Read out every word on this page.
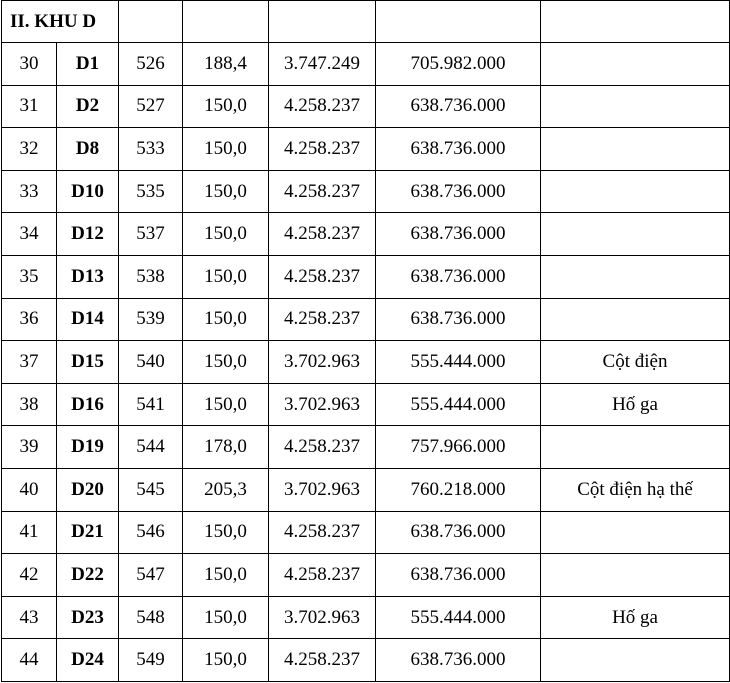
II. KHU D						
30	D1	526	188,4	3.747.249	705.982.000	
31	D2	527	150,0	4.258.237	638.736.000	
32	D8	533	150,0	4.258.237	638.736.000	
33	D10	535	150,0	4.258.237	638.736.000	
34	D12	537	150,0	4.258.237	638.736.000	
35	D13	538	150,0	4.258.237	638.736.000	
36	D14	539	150,0	4.258.237	638.736.000	
37	D15	540	150,0	3.702.963	555.444.000	Cột điện
38	D16	541	150,0	3.702.963	555.444.000	Hố ga
39	D19	544	178,0	4.258.237	757.966.000	
40	D20	545	205,3	3.702.963	760.218.000	Cột điện hạ thế
41	D21	546	150,0	4.258.237	638.736.000	
42	D22	547	150,0	4.258.237	638.736.000	
43	D23	548	150,0	3.702.963	555.444.000	Hố ga
44	D24	549	150,0	4.258.237	638.736.000	
